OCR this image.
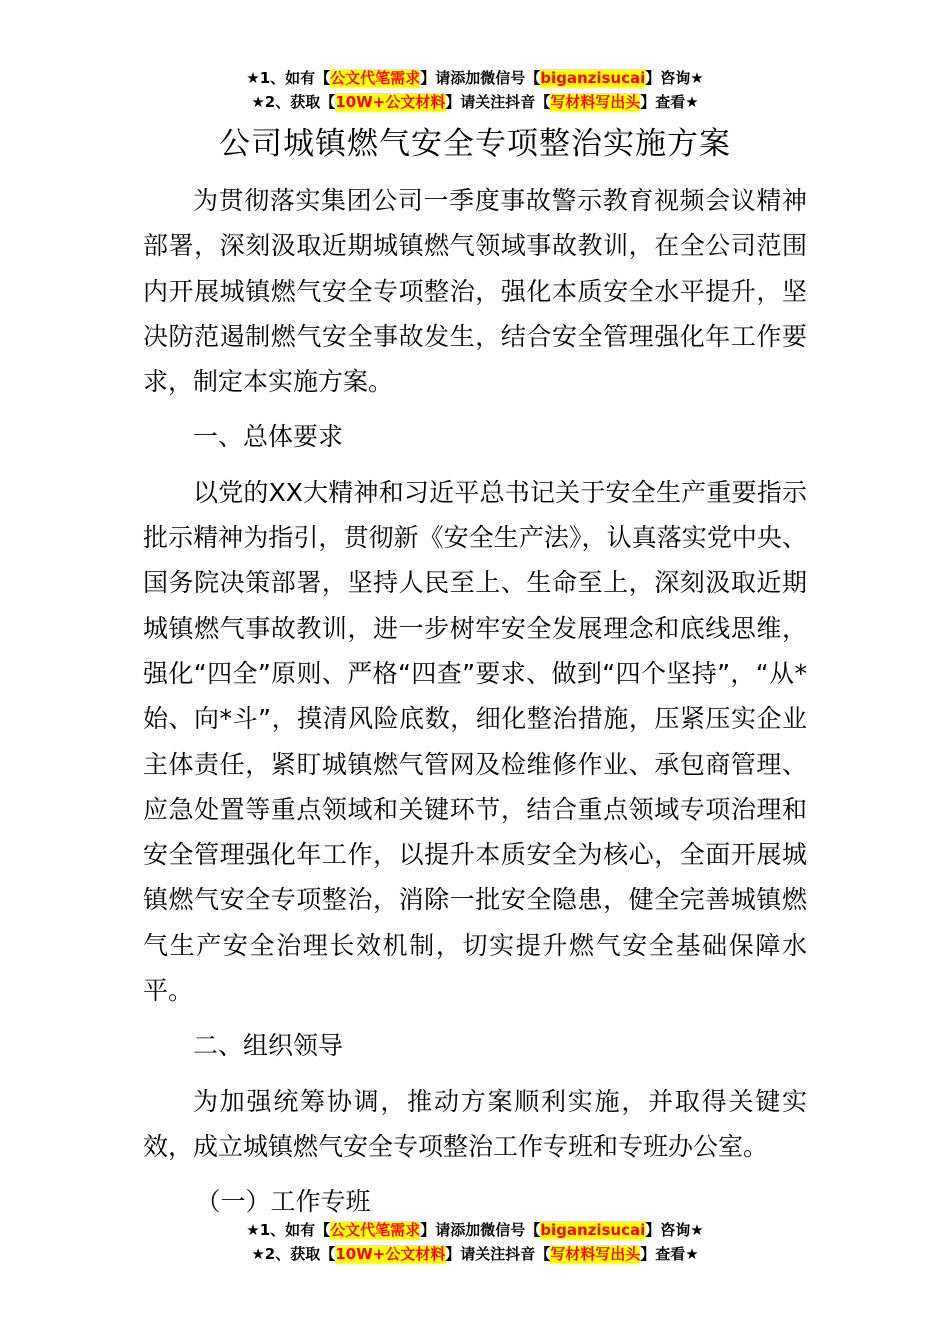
★1、如有【公文代笔需求】请添加微信号【biganzisucai】咨询★
★2、获取【10W+公文材料】请关注抖音【写材料写出头】查看★
公司城镇燃气安全专项整治实施方案

为贯彻落实集团公司一季度事故警示教育视频会议精神部署，深刻汲取近期城镇燃气领域事故教训，在全公司范围内开展城镇燃气安全专项整治，强化本质安全水平提升，坚决防范遏制燃气安全事故发生，结合安全管理强化年工作要求，制定本实施方案。

一、总体要求

以党的XX大精神和习近平总书记关于安全生产重要指示批示精神为指引，贯彻新《安全生产法》，认真落实党中央、国务院决策部署，坚持人民至上、生命至上，深刻汲取近期城镇燃气事故教训，进一步树牢安全发展理念和底线思维，强化“四全”原则、严格“四查”要求、做到“四个坚持”，“从*始、向*斗”，摸清风险底数，细化整治措施，压紧压实企业主体责任，紧盯城镇燃气管网及检维修作业、承包商管理、应急处置等重点领域和关键环节，结合重点领域专项治理和安全管理强化年工作，以提升本质安全为核心，全面开展城镇燃气安全专项整治，消除一批安全隐患，健全完善城镇燃气生产安全治理长效机制，切实提升燃气安全基础保障水平。

二、组织领导

为加强统筹协调，推动方案顺利实施，并取得关键实效，成立城镇燃气安全专项整治工作专班和专班办公室。

（一）工作专班

★1、如有【公文代笔需求】请添加微信号【biganzisucai】咨询★
★2、获取【10W+公文材料】请关注抖音【写材料写出头】查看★
